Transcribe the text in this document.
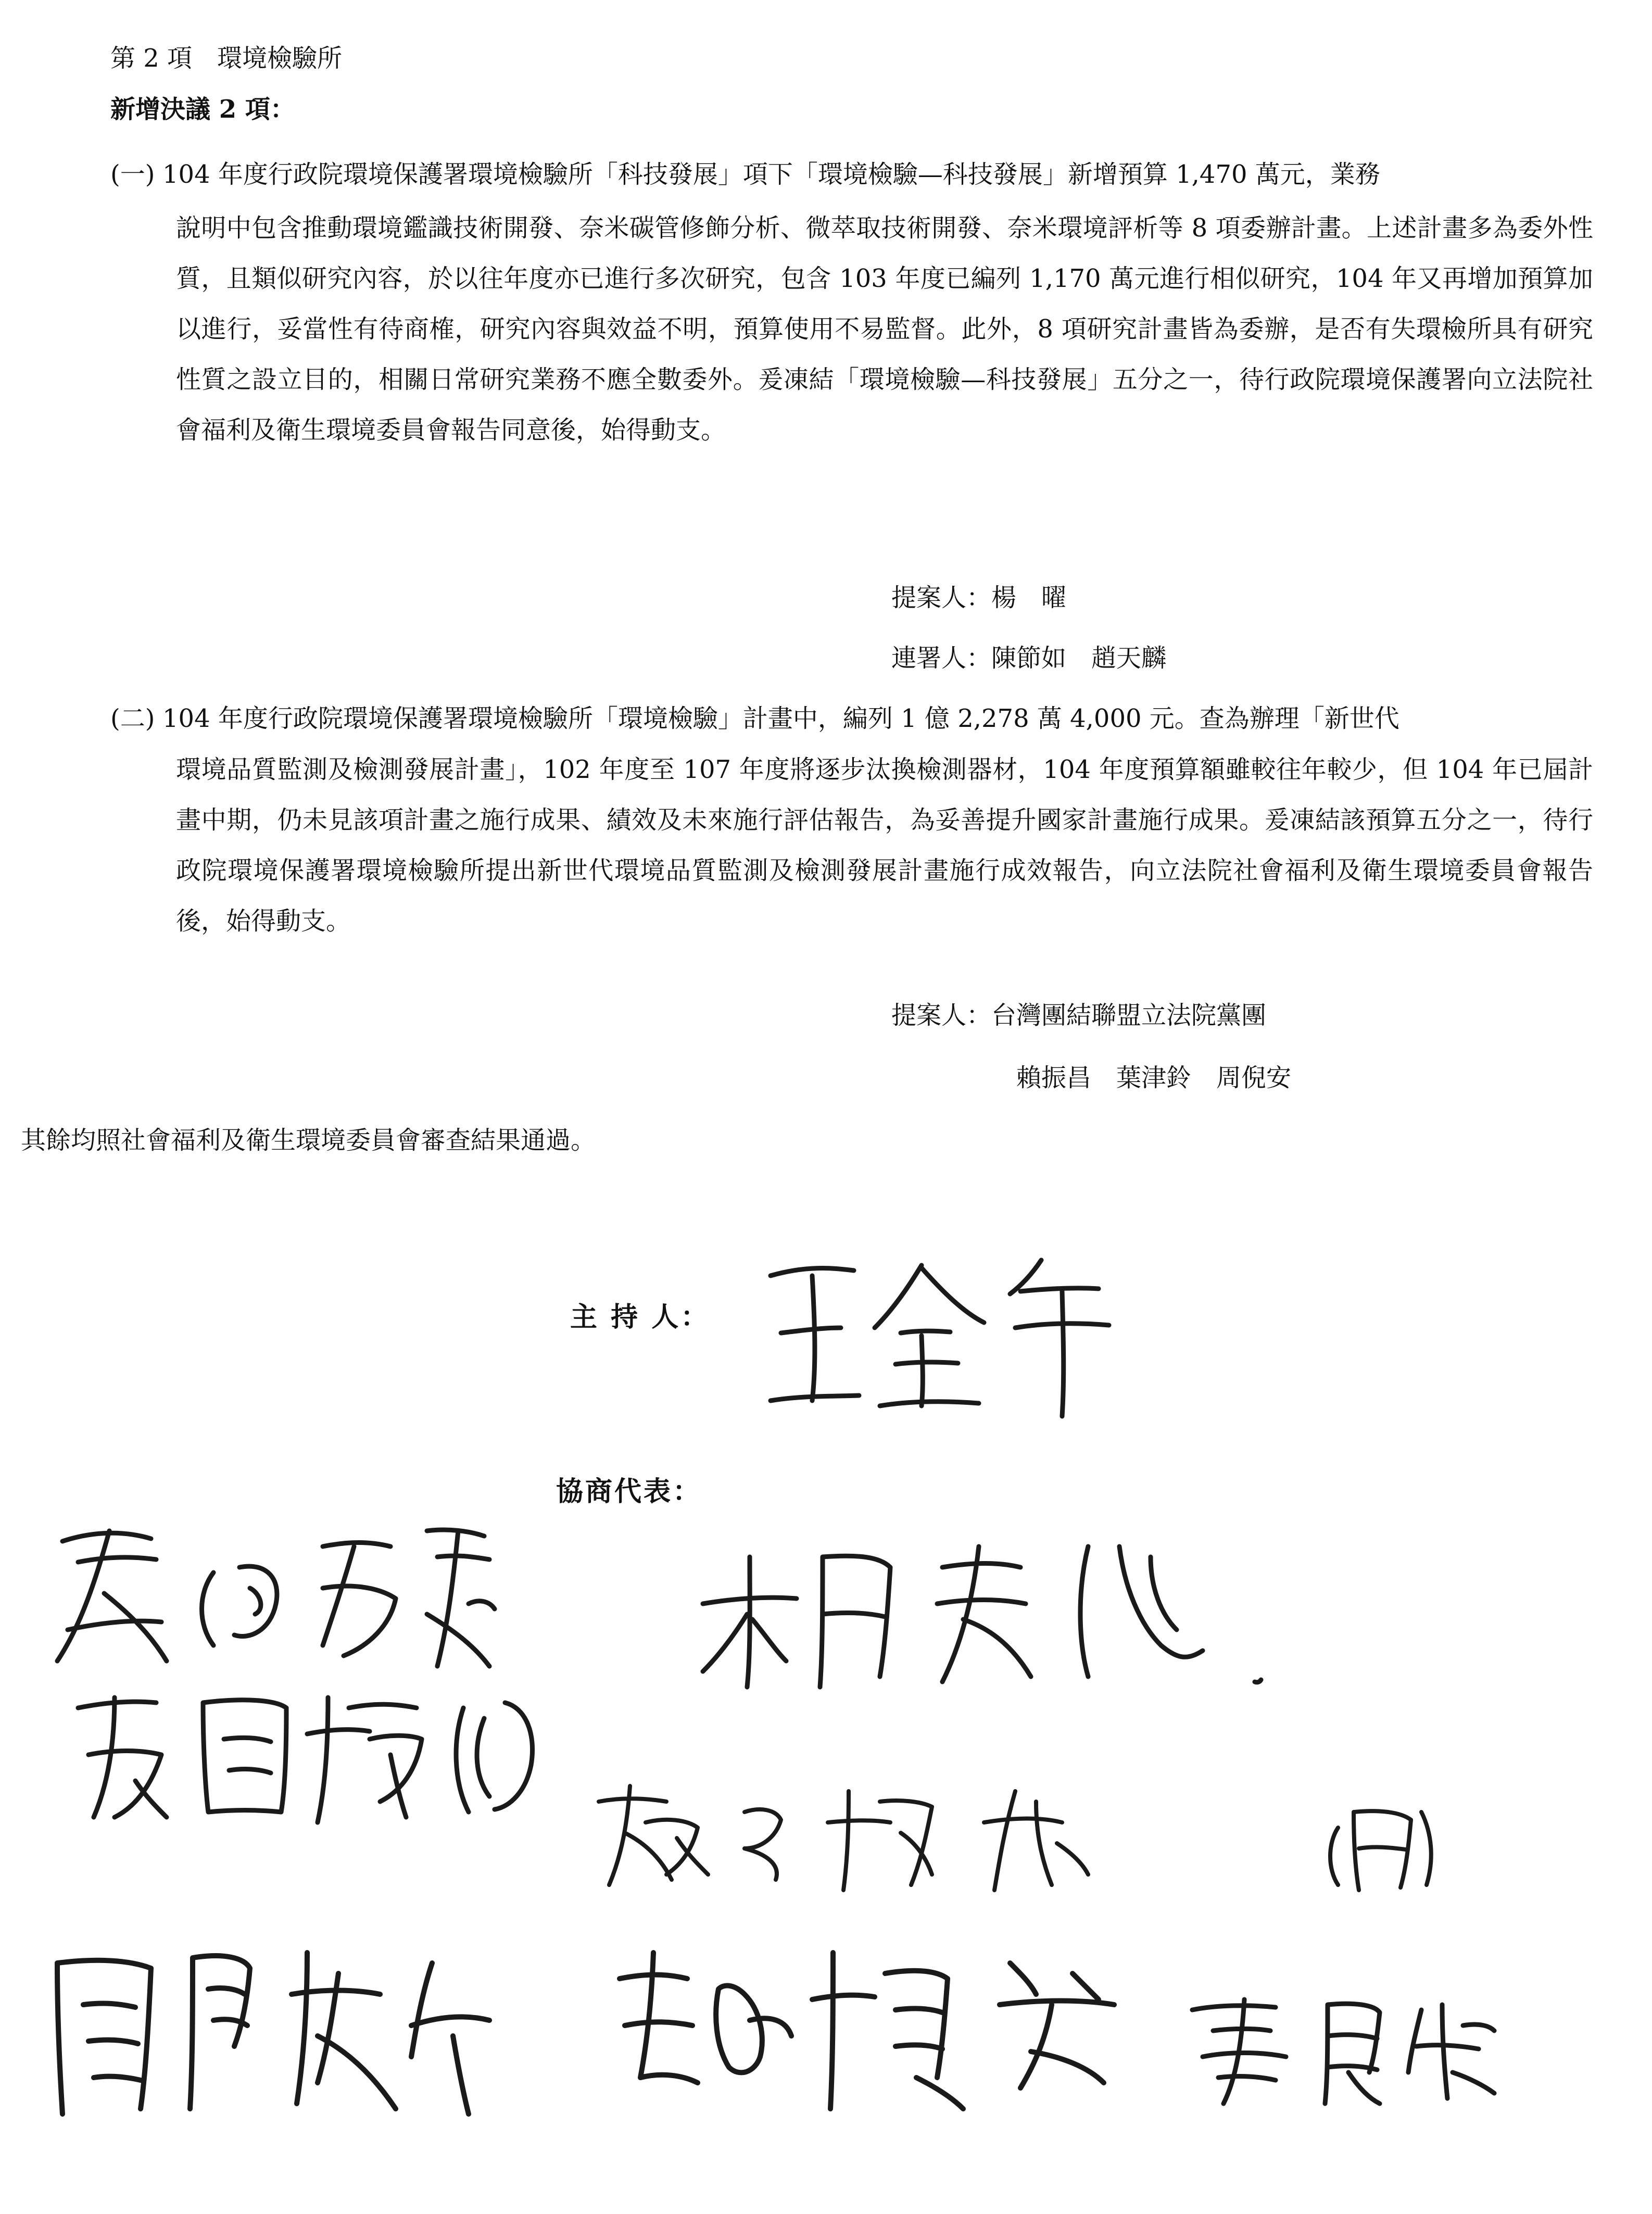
第 2 項　環境檢驗所
新增決議 2 項：
(一) 104 年度行政院環境保護署環境檢驗所「科技發展」項下「環境檢驗—科技發展」新增預算 1,470 萬元，業務
說明中包含推動環境鑑識技術開發、奈米碳管修飾分析、微萃取技術開發、奈米環境評析等 8 項委辦計畫。上述計畫多為委外性質，且類似研究內容，於以往年度亦已進行多次研究，包含 103 年度已編列 1,170 萬元進行相似研究，104 年又再增加預算加以進行，妥當性有待商榷，研究內容與效益不明，預算使用不易監督。此外，8 項研究計畫皆為委辦，是否有失環檢所具有研究性質之設立目的，相關日常研究業務不應全數委外。爰凍結「環境檢驗—科技發展」五分之一，待行政院環境保護署向立法院社會福利及衛生環境委員會報告同意後，始得動支。
提案人：楊　曜
連署人：陳節如　趙天麟
(二) 104 年度行政院環境保護署環境檢驗所「環境檢驗」計畫中，編列 1 億 2,278 萬 4,000 元。查為辦理「新世代
環境品質監測及檢測發展計畫」，102 年度至 107 年度將逐步汰換檢測器材，104 年度預算額雖較往年較少，但 104 年已屆計畫中期，仍未見該項計畫之施行成果、績效及未來施行評估報告，為妥善提升國家計畫施行成果。爰凍結該預算五分之一，待行政院環境保護署環境檢驗所提出新世代環境品質監測及檢測發展計畫施行成效報告，向立法院社會福利及衛生環境委員會報告後，始得動支。
提案人：台灣團結聯盟立法院黨團
賴振昌　葉津鈴　周倪安
其餘均照社會福利及衛生環境委員會審查結果通過。
主 持 人：
協商代表：
